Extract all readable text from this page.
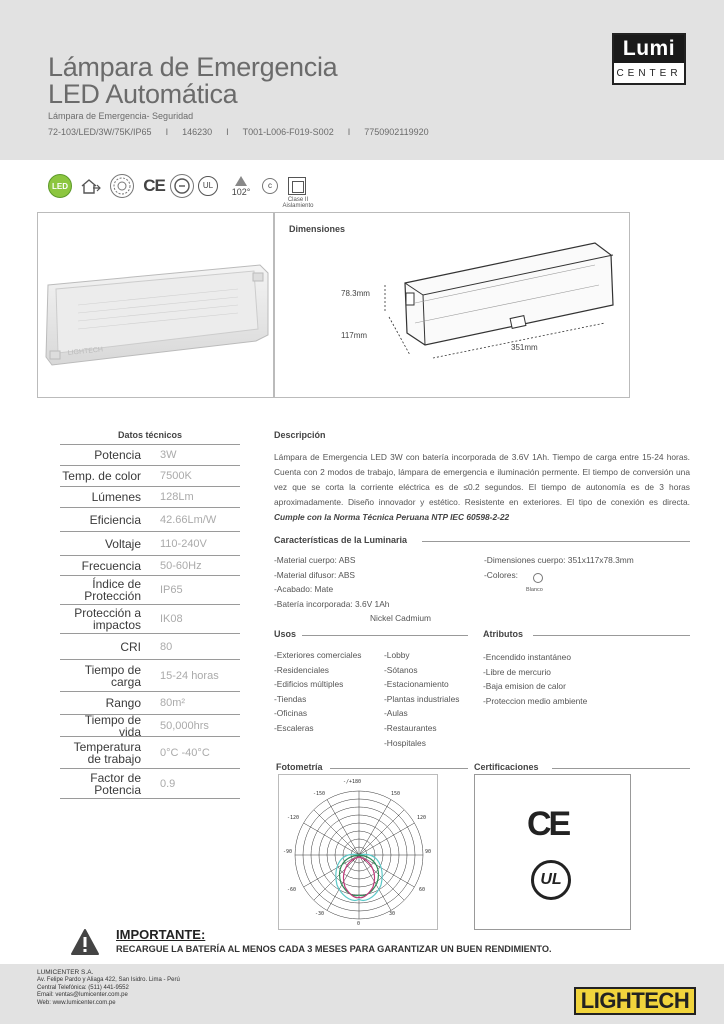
Lámpara de Emergencia
LED Automática
Lámpara de Emergencia- Seguridad
72-103/LED/3W/75K/IP65 I 146230 I T001-L006-F019-S002 I 7750902119920
Lumi
CENTER
LED	CE	UL
102°
c
Clase II Aislamiento
LIGHTECH
Dimensiones
78.3mm
117mm
351mm
Datos técnicos
Potencia	3W
Temp. de color	7500K
Lúmenes	128Lm
Eficiencia	42.66Lm/W
Voltaje	110-240V
Frecuencia	50-60Hz
Índice de Protección	IP65
Protección a impactos	IK08
CRI	80
Tiempo de carga	15-24 horas
Rango	80m²
Tiempo de vida	50,000hrs
Temperatura de trabajo	0°C -40°C
Factor de Potencia	0.9
Descripción
Lámpara de Emergencia LED 3W con batería incorporada de 3.6V 1Ah. Tiempo de carga entre 15-24 horas. Cuenta con 2 modos de trabajo, lámpara de emergencia e iluminación permente. El tiempo de conversión una vez que se corta la corriente eléctrica es de ≤0.2 segundos. El tiempo de autonomía es de 3 horas aproximadamente. Diseño innovador y estético. Resistente en exteriores. El tipo de conexión es directa. Cumple con la Norma Técnica Peruana NTP IEC 60598-2-22
Características de la Luminaria
-Material cuerpo: ABS
-Material difusor: ABS
-Acabado: Mate
-Batería incorporada: 3.6V 1Ah
Nickel Cadmium
-Dimensiones cuerpo: 351x117x78.3mm
-Colores:
Blanco
Usos
-Exteriores comerciales
-Residenciales
-Edificios múltiples
-Tiendas
-Oficinas
-Escaleras
-Lobby
-Sótanos
-Estacionamiento
-Plantas industriales
-Aulas
-Restaurantes
-Hospitales
Atributos
-Encendido instantáneo
-Libre de mercurio
-Baja emision de calor
-Proteccion medio ambiente
Fotometría
-/+180
-150	150
-120	120
-90	90
-60	60
-30	30
0
Certificaciones
CE
UL
IMPORTANTE:
RECARGUE LA BATERÍA AL MENOS CADA 3 MESES PARA GARANTIZAR UN BUEN RENDIMIENTO.
LUMICENTER S.A.
Av. Felipe Pardo y Aliaga 422, San Isidro. Lima - Perú
Central Telefónica: (511) 441-9552
Email: ventas@lumicenter.com.pe
Web: www.lumicenter.com.pe	LIGHTECH
